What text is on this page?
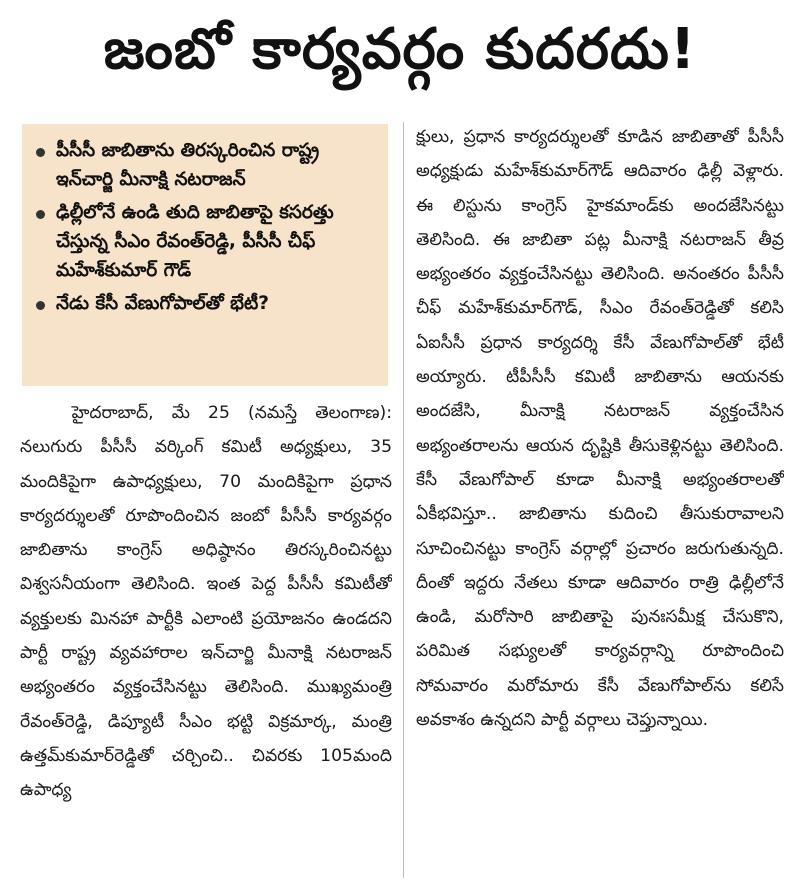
జంబో కార్యవర్గం కుదరదు!
పీసీసీ జాబితాను తిరస్కరించిన రాష్ట్ర ఇన్‌చార్జి మీనాక్షి నటరాజన్
ఢిల్లీలోనే ఉండి తుది జాబితాపై కసరత్తు చేస్తున్న సీఎం రేవంత్‌రెడ్డి, పీసీసీ చీఫ్ మహేశ్‌కుమార్ గౌడ్
నేడు కేసీ వేణుగోపాల్‌తో భేటీ?

హైదరాబాద్, మే 25 (నమస్తే తెలంగాణ): నలుగురు పీసీసీ వర్కింగ్ కమిటీ అధ్యక్షులు, 35 మందికిపైగా ఉపాధ్యక్షులు, 70 మందికిపైగా ప్రధాన కార్యదర్శులతో రూపొందించిన జంబో పీసీసీ కార్యవర్గం జాబితాను కాంగ్రెస్ అధిష్ఠానం తిరస్కరించినట్టు విశ్వసనీయంగా తెలిసింది. ఇంత పెద్ద పీసీసీ కమిటీతో వ్యక్తులకు మినహా పార్టీకి ఎలాంటి ప్రయోజనం ఉండదని పార్టీ రాష్ట్ర వ్యవహారాల ఇన్‌చార్జి మీనాక్షి నటరాజన్ అభ్యంతరం వ్యక్తంచేసినట్టు తెలిసింది. ముఖ్యమంత్రి రేవంత్‌రెడ్డి, డిప్యూటీ సీఎం భట్టి విక్రమార్క, మంత్రి ఉత్తమ్‌కుమార్‌రెడ్డితో చర్చించి.. చివరకు 105మంది ఉపాధ్య

క్షులు, ప్రధాన కార్యదర్శులతో కూడిన జాబితాతో పీసీసీ అధ్యక్షుడు మహేశ్‌కుమార్‌గౌడ్ ఆదివారం ఢిల్లీ వెళ్లారు. ఈ లిస్టును కాంగ్రెస్ హైకమాండ్‌కు అందజేసినట్టు తెలిసింది. ఈ జాబితా పట్ల మీనాక్షి నటరాజన్ తీవ్ర అభ్యంతరం వ్యక్తంచేసినట్టు తెలిసింది. అనంతరం పీసీసీ చీఫ్ మహేశ్‌కుమార్‌గౌడ్, సీఎం రేవంత్‌రెడ్డితో కలిసి ఏఐసీసీ ప్రధాన కార్యదర్శి కేసీ వేణుగోపాల్‌తో భేటీ అయ్యారు. టీపీసీసీ కమిటీ జాబితాను ఆయనకు అందజేసి, మీనాక్షి నటరాజన్ వ్యక్తంచేసిన అభ్యంతరాలను ఆయన దృష్టికి తీసుకెళ్లినట్టు తెలిసింది. కేసీ వేణుగోపాల్ కూడా మీనాక్షి అభ్యంతరాలతో ఏకీభవిస్తూ.. జాబితాను కుదించి తీసుకురావాలని సూచించినట్టు కాంగ్రెస్ వర్గాల్లో ప్రచారం జరుగుతున్నది. దీంతో ఇద్దరు నేతలు కూడా ఆదివారం రాత్రి ఢిల్లీలోనే ఉండి, మరోసారి జాబితాపై పునఃసమీక్ష చేసుకొని, పరిమిత సభ్యులతో కార్యవర్గాన్ని రూపొందించి సోమవారం మరోమారు కేసీ వేణుగోపాల్‌ను కలిసే అవకాశం ఉన్నదని పార్టీ వర్గాలు చెప్తున్నాయి.
